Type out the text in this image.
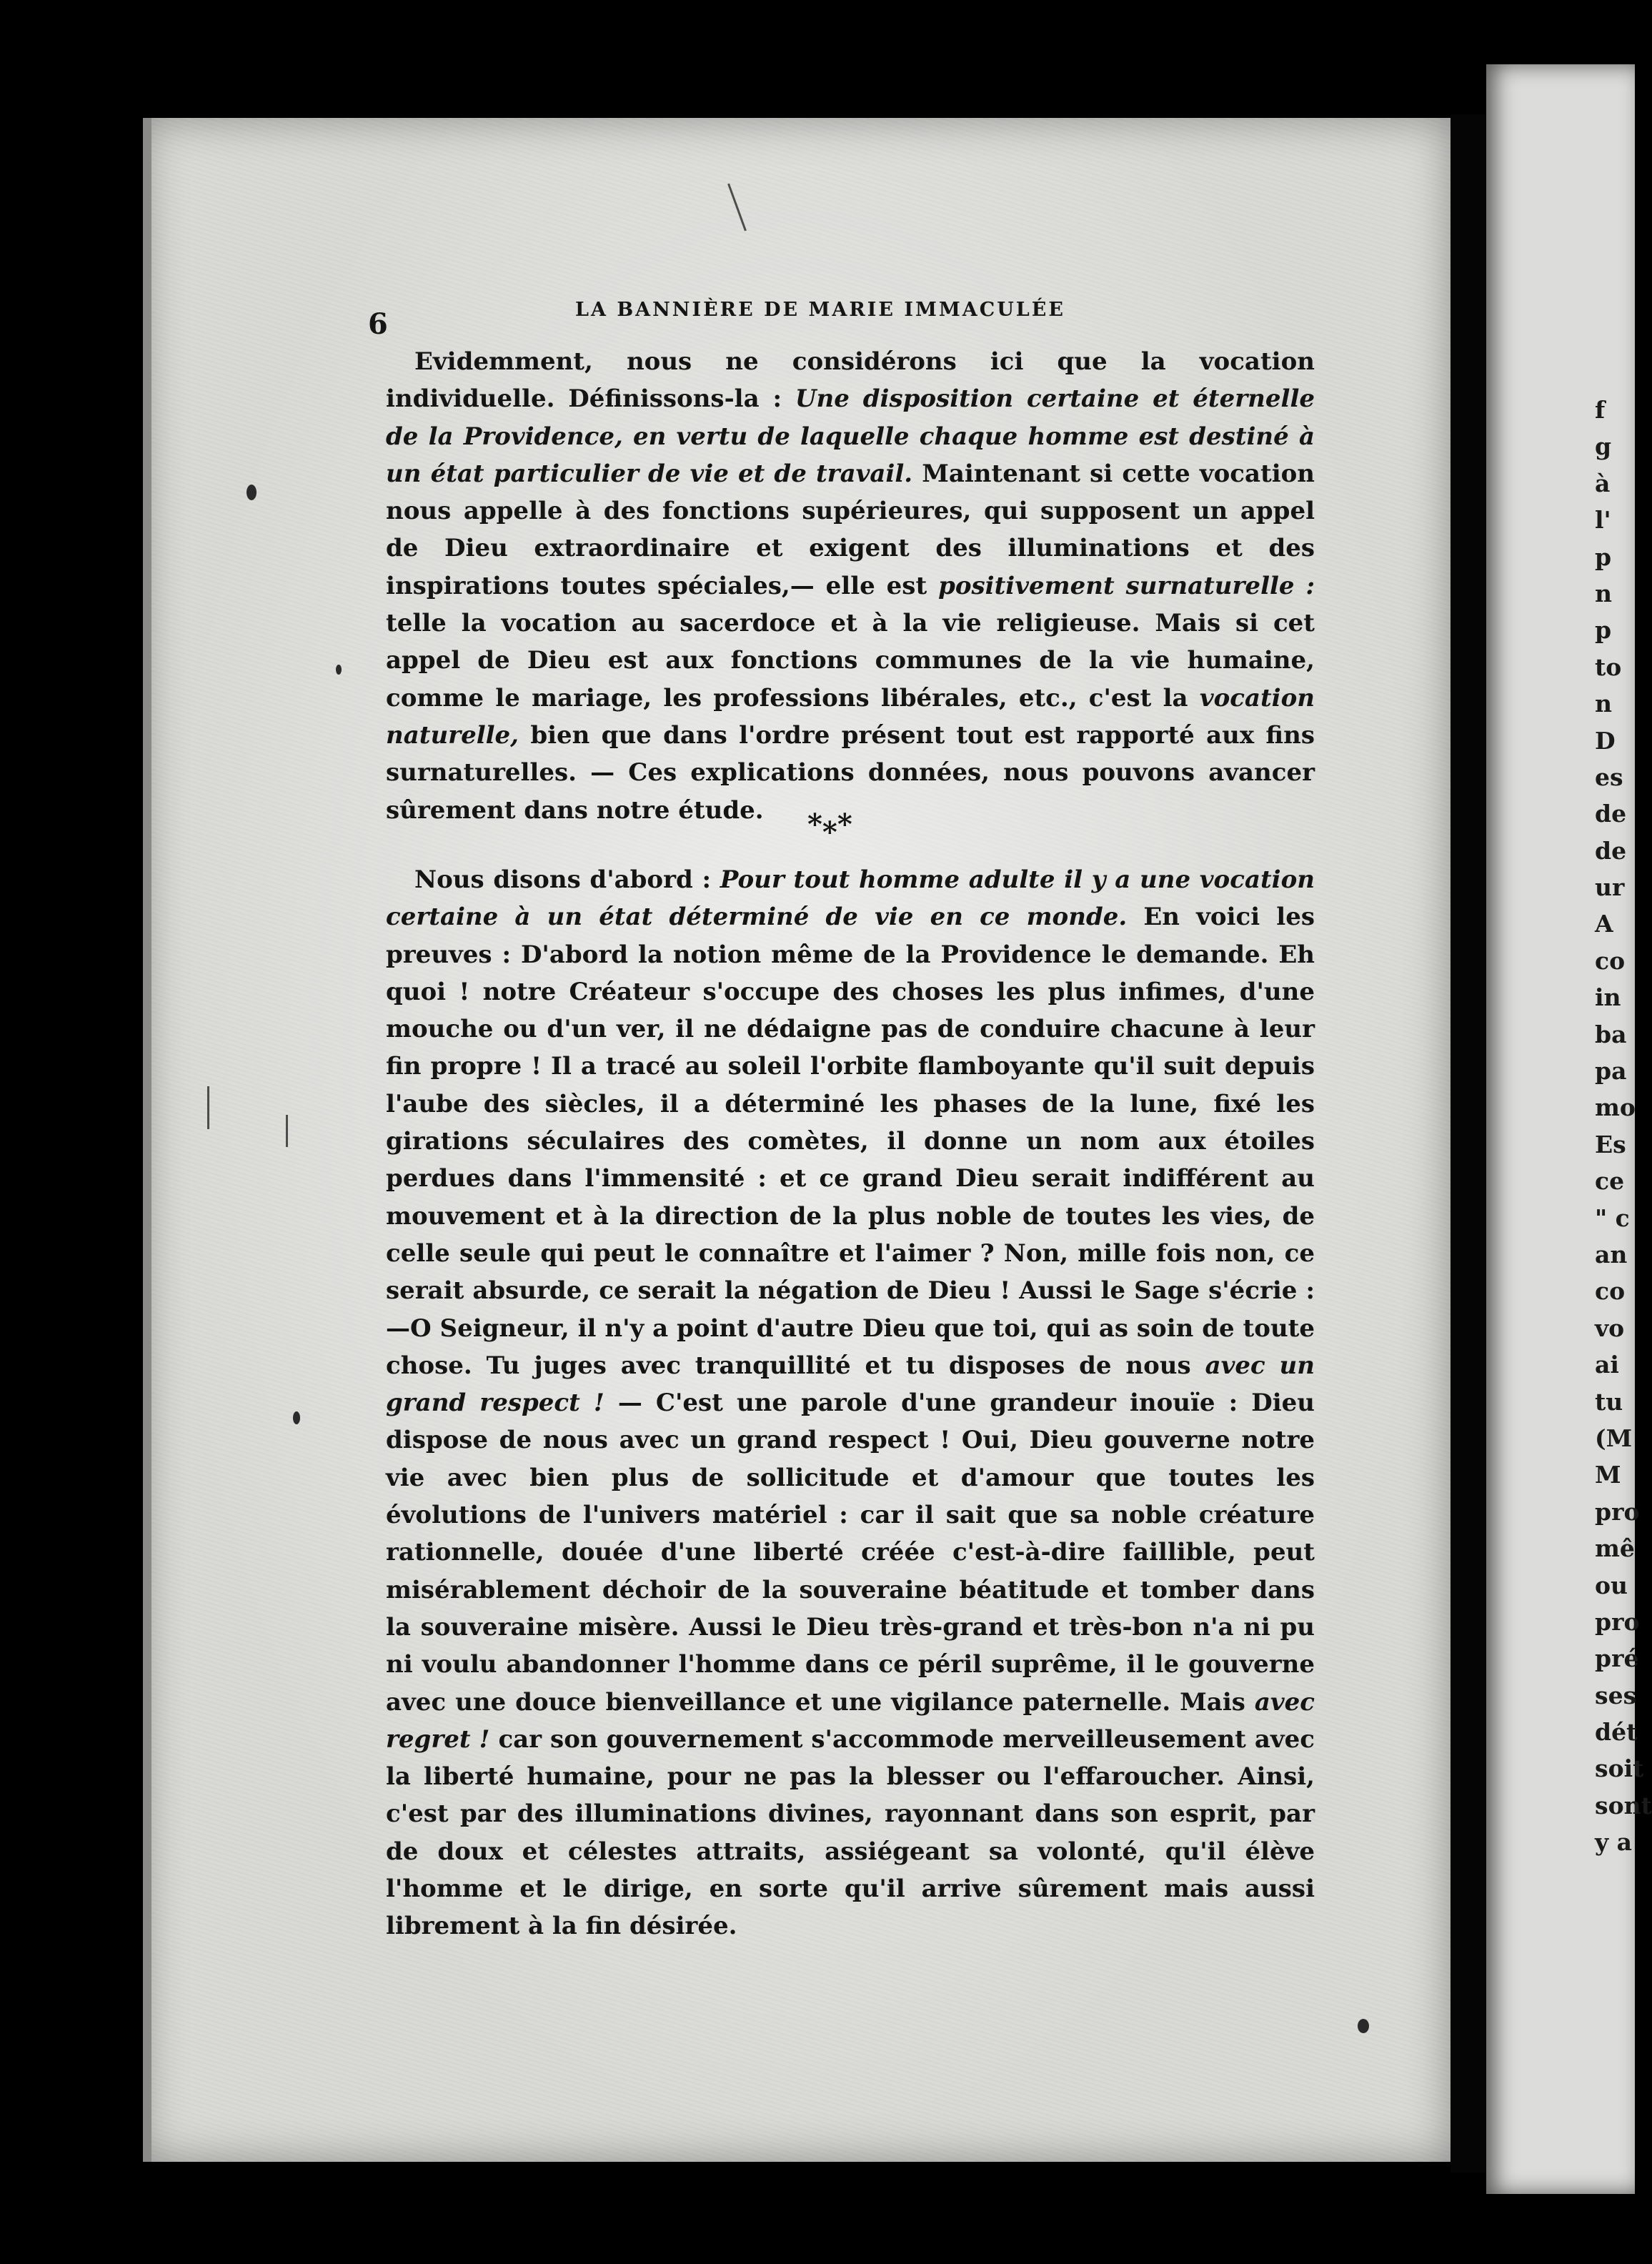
f
g
à
l'
p
n
p
to
n
D
es
de
de
ur
A
co
in
ba
pa
mo
Es
ce
" c
an
co
vo
ai
tu
(M
M
pro
mê
ou
pro
pré
ses
dét
soit
sont
y a
6	LA BANNIÈRE DE MARIE IMMACULÉE

Evidemment, nous ne considérons ici que la vocation individuelle. Définissons-la : Une disposition certaine et éternelle de la Providence, en vertu de laquelle chaque homme est destiné à un état particulier de vie et de travail. Maintenant si cette vocation nous appelle à des fonctions supérieures, qui supposent un appel de Dieu extraordinaire et exigent des illuminations et des inspirations toutes spéciales,— elle est positivement surnaturelle : telle la vocation au sacerdoce et à la vie religieuse. Mais si cet appel de Dieu est aux fonctions communes de la vie humaine, comme le mariage, les professions libérales, etc., c'est la vocation naturelle, bien que dans l'ordre présent tout est rapporté aux fins surnaturelles. — Ces explications données, nous pouvons avancer sûrement dans notre étude.	*⁎*

Nous disons d'abord : Pour tout homme adulte il y a une vocation certaine à un état déterminé de vie en ce monde. En voici les preuves : D'abord la notion même de la Providence le demande. Eh quoi ! notre Créateur s'occupe des choses les plus infimes, d'une mouche ou d'un ver, il ne dédaigne pas de conduire chacune à leur fin propre ! Il a tracé au soleil l'orbite flamboyante qu'il suit depuis l'aube des siècles, il a déterminé les phases de la lune, fixé les girations séculaires des comètes, il donne un nom aux étoiles perdues dans l'immensité : et ce grand Dieu serait indifférent au mouvement et à la direction de la plus noble de toutes les vies, de celle seule qui peut le connaître et l'aimer ? Non, mille fois non, ce serait absurde, ce serait la négation de Dieu ! Aussi le Sage s'écrie :—O Seigneur, il n'y a point d'autre Dieu que toi, qui as soin de toute chose. Tu juges avec tranquillité et tu disposes de nous avec un grand respect ! — C'est une parole d'une grandeur inouïe : Dieu dispose de nous avec un grand respect ! Oui, Dieu gouverne notre vie avec bien plus de sollicitude et d'amour que toutes les évolutions de l'univers matériel : car il sait que sa noble créature rationnelle, douée d'une liberté créée c'est-à-dire faillible, peut misérablement déchoir de la souveraine béatitude et tomber dans la souveraine misère. Aussi le Dieu très-grand et très-bon n'a ni pu ni voulu abandonner l'homme dans ce péril suprême, il le gouverne avec une douce bienveillance et une vigilance paternelle. Mais avec regret ! car son gouvernement s'accommode merveilleusement avec la liberté humaine, pour ne pas la blesser ou l'effaroucher. Ainsi, c'est par des illuminations divines, rayonnant dans son esprit, par de doux et célestes attraits, assiégeant sa volonté, qu'il élève l'homme et le dirige, en sorte qu'il arrive sûrement mais aussi librement à la fin désirée.
